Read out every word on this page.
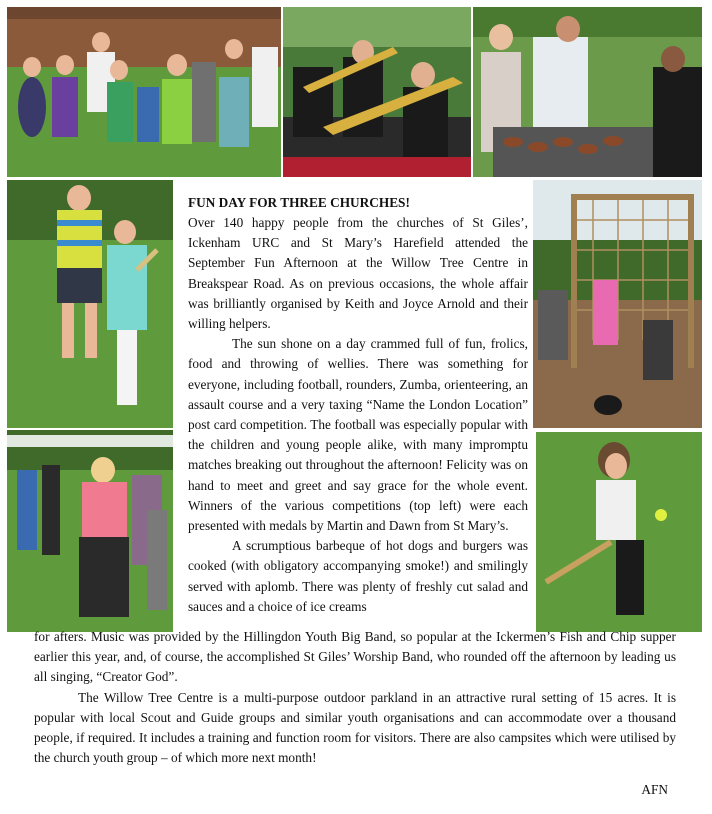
FUN DAY FOR THREE CHURCHES!

Over 140 happy people from the churches of St Giles’, Ickenham URC and St Mary’s Harefield attended the September Fun Afternoon at the Willow Tree Centre in Breakspear Road. As on previous occasions, the whole affair was brilliantly organised by Keith and Joyce Arnold and their willing helpers.

The sun shone on a day crammed full of fun, frolics, food and throwing of wellies. There was something for everyone, including football, rounders, Zumba, orienteering, an assault course and a very taxing “Name the London Location” post card competition. The football was especially popular with the children and young people alike, with many impromptu matches breaking out throughout the afternoon! Felicity was on hand to meet and greet and say grace for the whole event. Winners of the various competitions (top left) were each presented with medals by Martin and Dawn from St Mary’s.

A scrumptious barbeque of hot dogs and burgers was cooked (with obligatory accompanying smoke!) and smilingly served with aplomb. There was plenty of freshly cut salad and sauces and a choice of ice creams

for afters. Music was provided by the Hillingdon Youth Big Band, so popular at the Ickermen’s Fish and Chip supper earlier this year, and, of course, the accomplished St Giles’ Worship Band, who rounded off the afternoon by leading us all singing, “Creator God”.

The Willow Tree Centre is a multi-purpose outdoor parkland in an attractive rural setting of 15 acres. It is popular with local Scout and Guide groups and similar youth organisations and can accommodate over a thousand people, if required. It includes a training and function room for visitors. There are also campsites which were utilised by the church youth group – of which more next month!

AFN
